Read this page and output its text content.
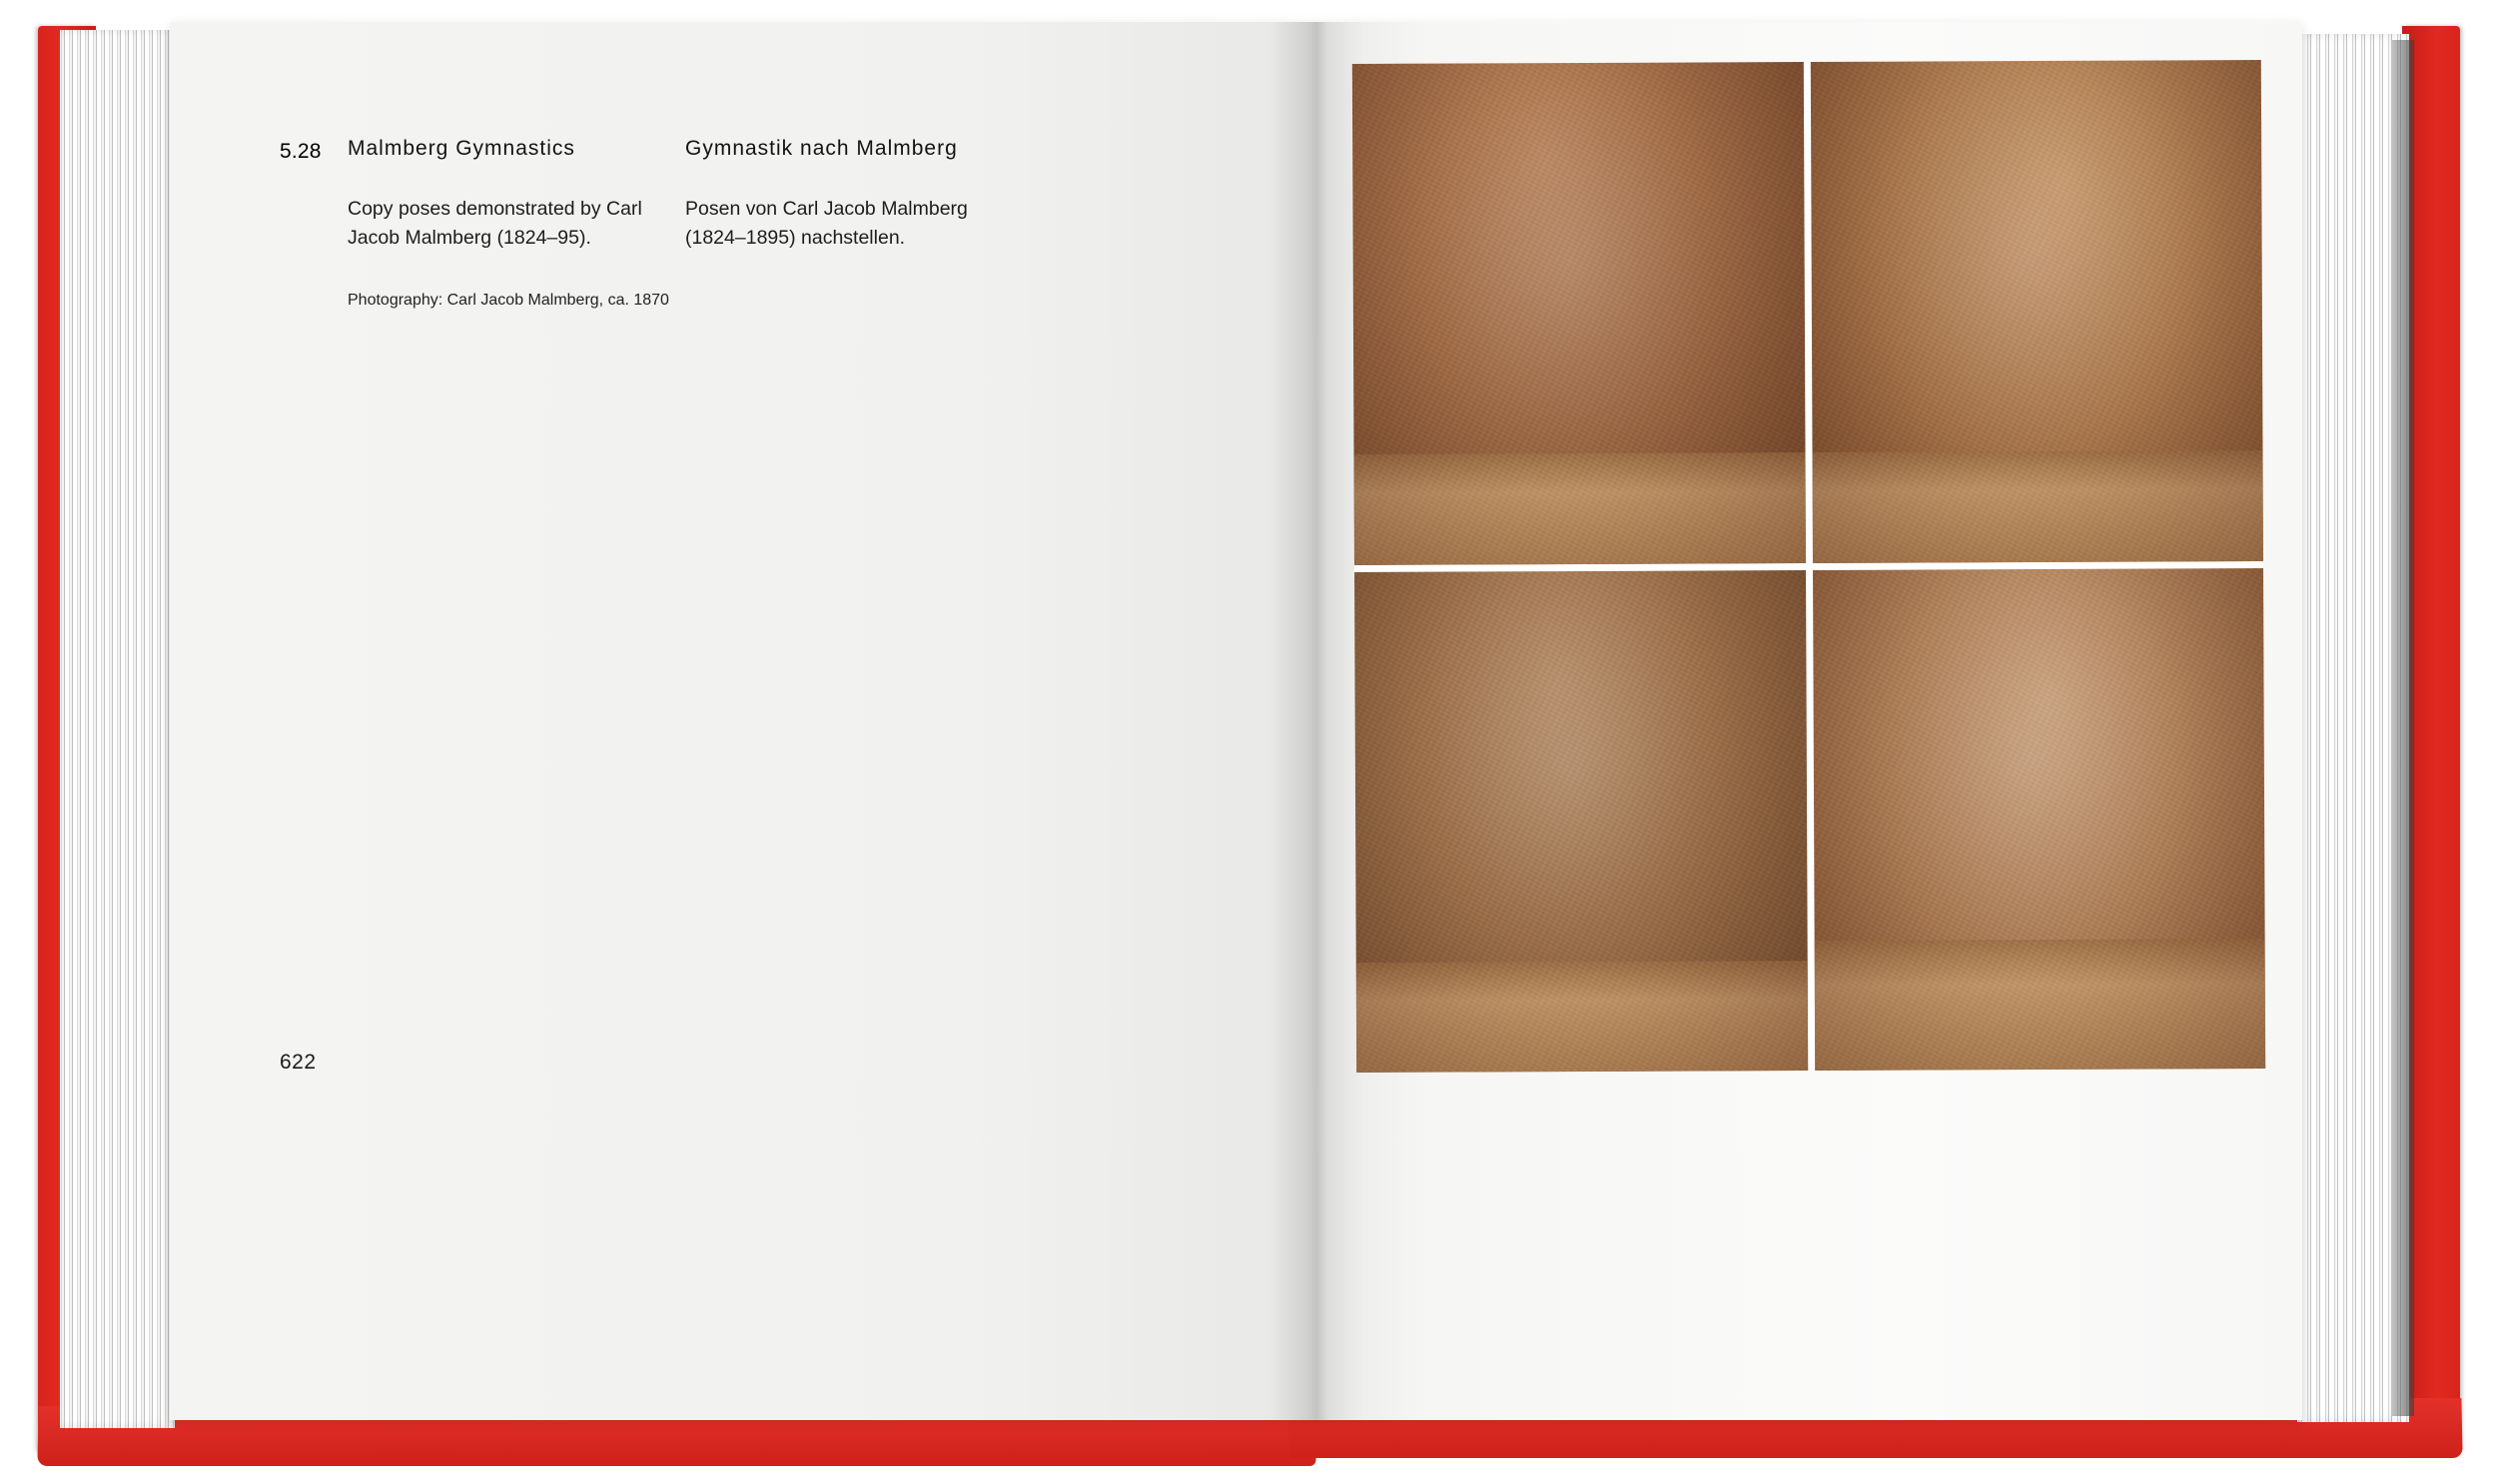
5.28 Malmberg Gymnastics

Copy poses demonstrated by Carl Jacob Malmberg (1824–95).

Photography: Carl Jacob Malmberg, ca. 1870

Gymnastik nach Malmberg

Posen von Carl Jacob Malmberg (1824–1895) nachstellen.

622
